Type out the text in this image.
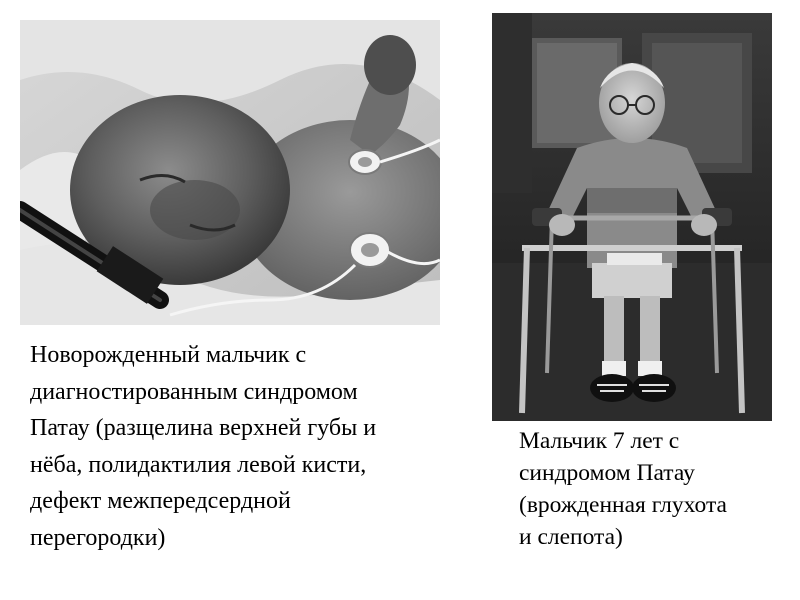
Новорожденный мальчик с
диагностированным синдромом
Патау (разщелина верхней губы и
нёба, полидактилия левой кисти,
дефект межпередсердной
перегородки)

Мальчик 7 лет с
синдромом Патау
(врожденная глухота
и слепота)
